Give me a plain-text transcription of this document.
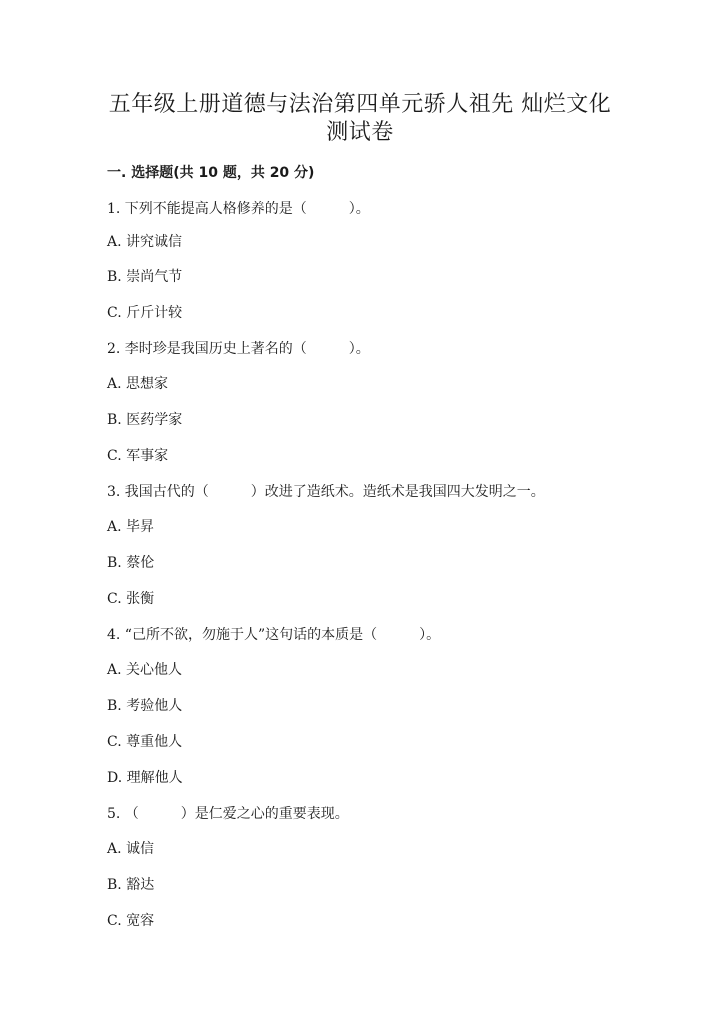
五年级上册道德与法治第四单元骄人祖先 灿烂文化
测试卷
一. 选择题(共 10 题，共 20 分)
1. 下列不能提高人格修养的是（　　　）。
A. 讲究诚信
B. 崇尚气节
C. 斤斤计较
2. 李时珍是我国历史上著名的（　　　）。
A. 思想家
B. 医药学家
C. 军事家
3. 我国古代的（　　　）改进了造纸术。造纸术是我国四大发明之一。
A. 毕昇
B. 蔡伦
C. 张衡
4. “己所不欲，勿施于人”这句话的本质是（　　　）。
A. 关心他人
B. 考验他人
C. 尊重他人
D. 理解他人
5. （　　　）是仁爱之心的重要表现。
A. 诚信
B. 豁达
C. 宽容
